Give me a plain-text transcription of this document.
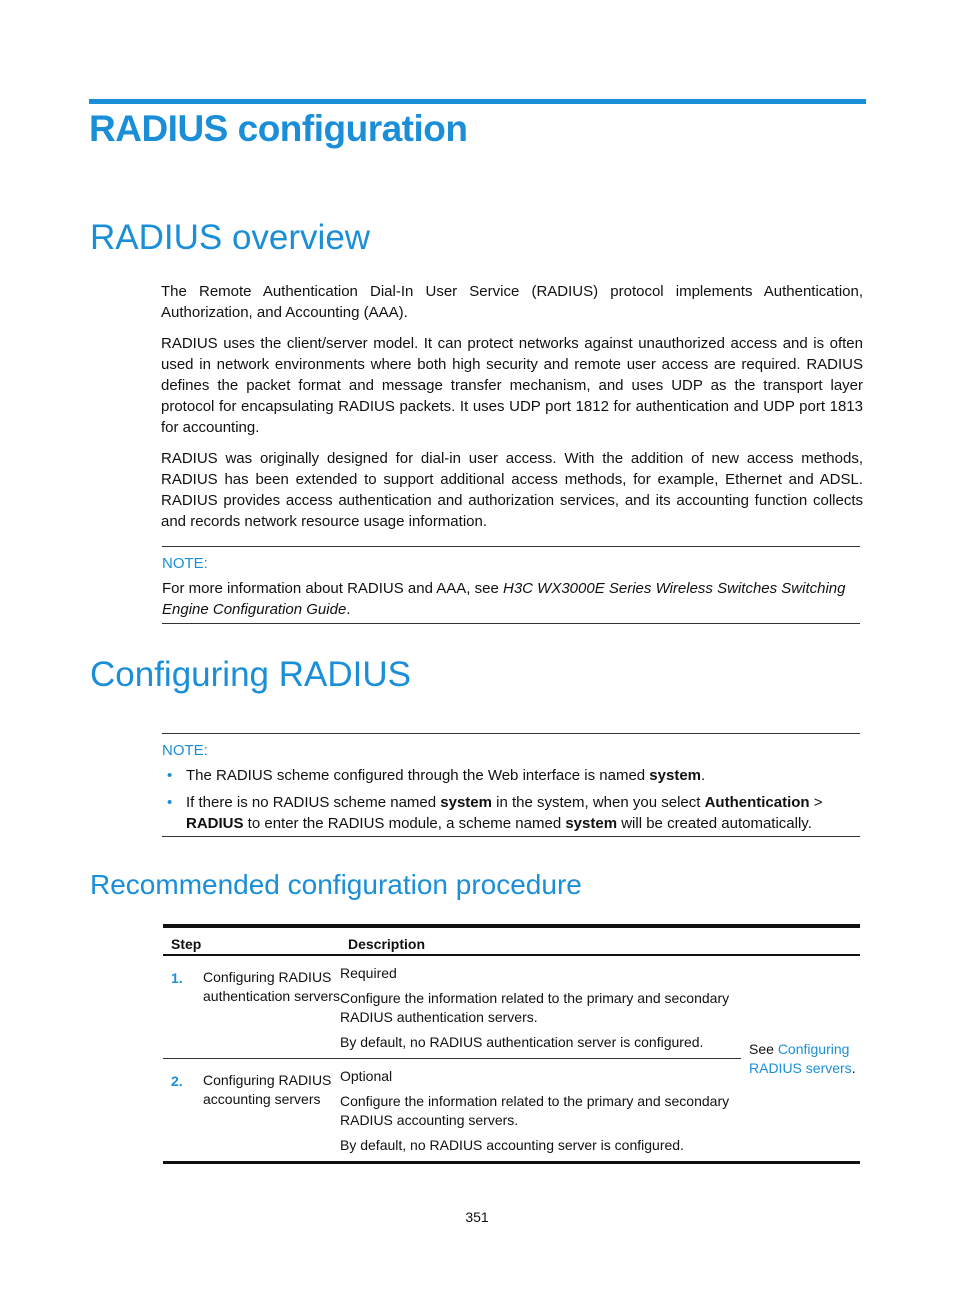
RADIUS configuration
RADIUS overview
The Remote Authentication Dial-In User Service (RADIUS) protocol implements Authentication, Authorization, and Accounting (AAA).
RADIUS uses the client/server model. It can protect networks against unauthorized access and is often used in network environments where both high security and remote user access are required. RADIUS defines the packet format and message transfer mechanism, and uses UDP as the transport layer protocol for encapsulating RADIUS packets. It uses UDP port 1812 for authentication and UDP port 1813 for accounting.
RADIUS was originally designed for dial-in user access. With the addition of new access methods, RADIUS has been extended to support additional access methods, for example, Ethernet and ADSL. RADIUS provides access authentication and authorization services, and its accounting function collects and records network resource usage information.
NOTE:
For more information about RADIUS and AAA, see H3C WX3000E Series Wireless Switches Switching Engine Configuration Guide.
Configuring RADIUS
NOTE:
• The RADIUS scheme configured through the Web interface is named system.
• If there is no RADIUS scheme named system in the system, when you select Authentication > RADIUS to enter the RADIUS module, a scheme named system will be created automatically.
Recommended configuration procedure
Step		Description	
1.	Configuring RADIUS authentication servers	Required

Configure the information related to the primary and secondary RADIUS authentication servers.

By default, no RADIUS authentication server is configured.	See Configuring RADIUS servers.
2.	Configuring RADIUS accounting servers	Optional

Configure the information related to the primary and secondary RADIUS accounting servers.

By default, no RADIUS accounting server is configured.	

351
